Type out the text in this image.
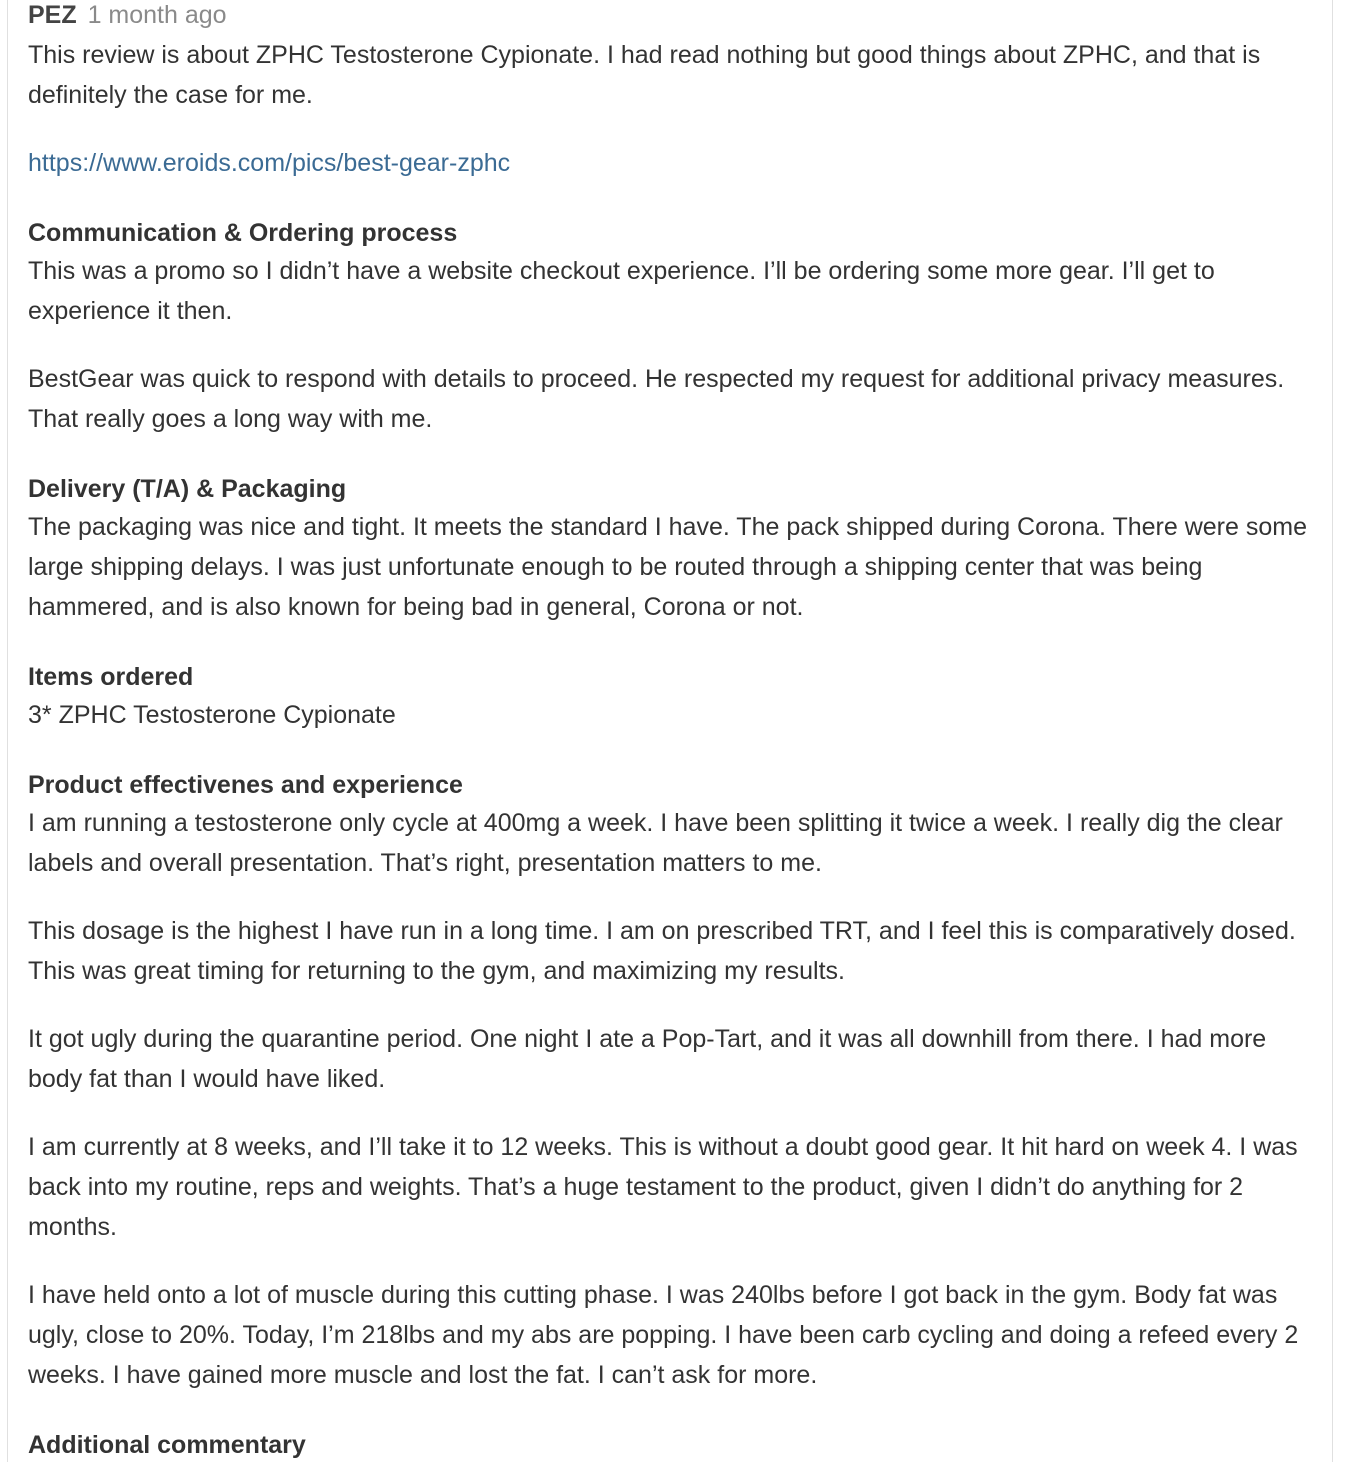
PEZ 1 month ago

This review is about ZPHC Testosterone Cypionate. I had read nothing but good things about ZPHC, and that is definitely the case for me.

https://www.eroids.com/pics/best-gear-zphc

Communication & Ordering process

This was a promo so I didn’t have a website checkout experience. I’ll be ordering some more gear. I’ll get to experience it then.

BestGear was quick to respond with details to proceed. He respected my request for additional privacy measures. That really goes a long way with me.

Delivery (T/A) & Packaging

The packaging was nice and tight. It meets the standard I have. The pack shipped during Corona. There were some large shipping delays. I was just unfortunate enough to be routed through a shipping center that was being hammered, and is also known for being bad in general, Corona or not.

Items ordered

3* ZPHC Testosterone Cypionate

Product effectivenes and experience

I am running a testosterone only cycle at 400mg a week. I have been splitting it twice a week. I really dig the clear labels and overall presentation. That’s right, presentation matters to me.

This dosage is the highest I have run in a long time. I am on prescribed TRT, and I feel this is comparatively dosed. This was great timing for returning to the gym, and maximizing my results.

It got ugly during the quarantine period. One night I ate a Pop-Tart, and it was all downhill from there. I had more body fat than I would have liked.

I am currently at 8 weeks, and I’ll take it to 12 weeks. This is without a doubt good gear. It hit hard on week 4. I was back into my routine, reps and weights. That’s a huge testament to the product, given I didn’t do anything for 2 months.

I have held onto a lot of muscle during this cutting phase. I was 240lbs before I got back in the gym. Body fat was ugly, close to 20%. Today, I’m 218lbs and my abs are popping. I have been carb cycling and doing a refeed every 2 weeks. I have gained more muscle and lost the fat. I can’t ask for more.

Additional commentary
